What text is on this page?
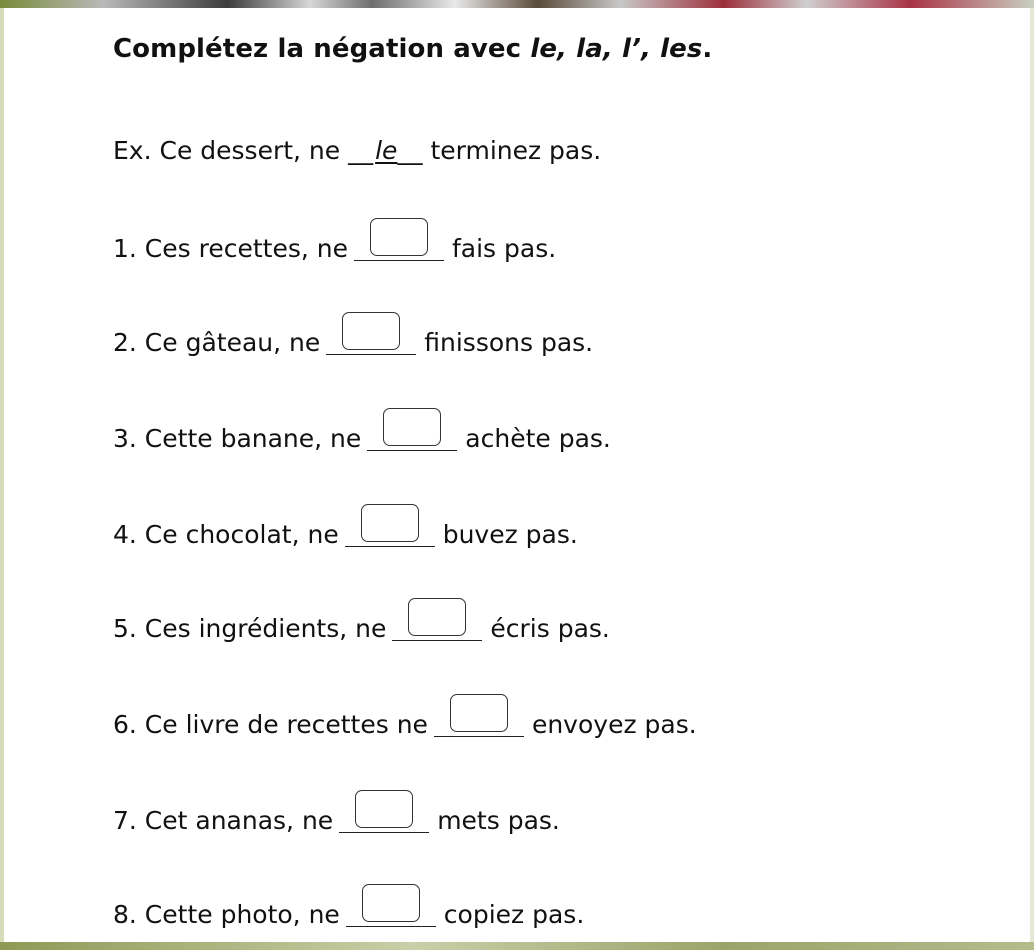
Complétez la négation avec le, la, l’, les.
Ex. Ce dessert, ne __ le__ terminez pas.
1. Ces recettes, ne	fais pas.
2. Ce gâteau, ne	finissons pas.
3. Cette banane, ne	achète pas.
4. Ce chocolat, ne	buvez pas.
5. Ces ingrédients, ne	écris pas.
6. Ce livre de recettes ne	envoyez pas.
7. Cet ananas, ne	mets pas.
8. Cette photo, ne	copiez pas.
